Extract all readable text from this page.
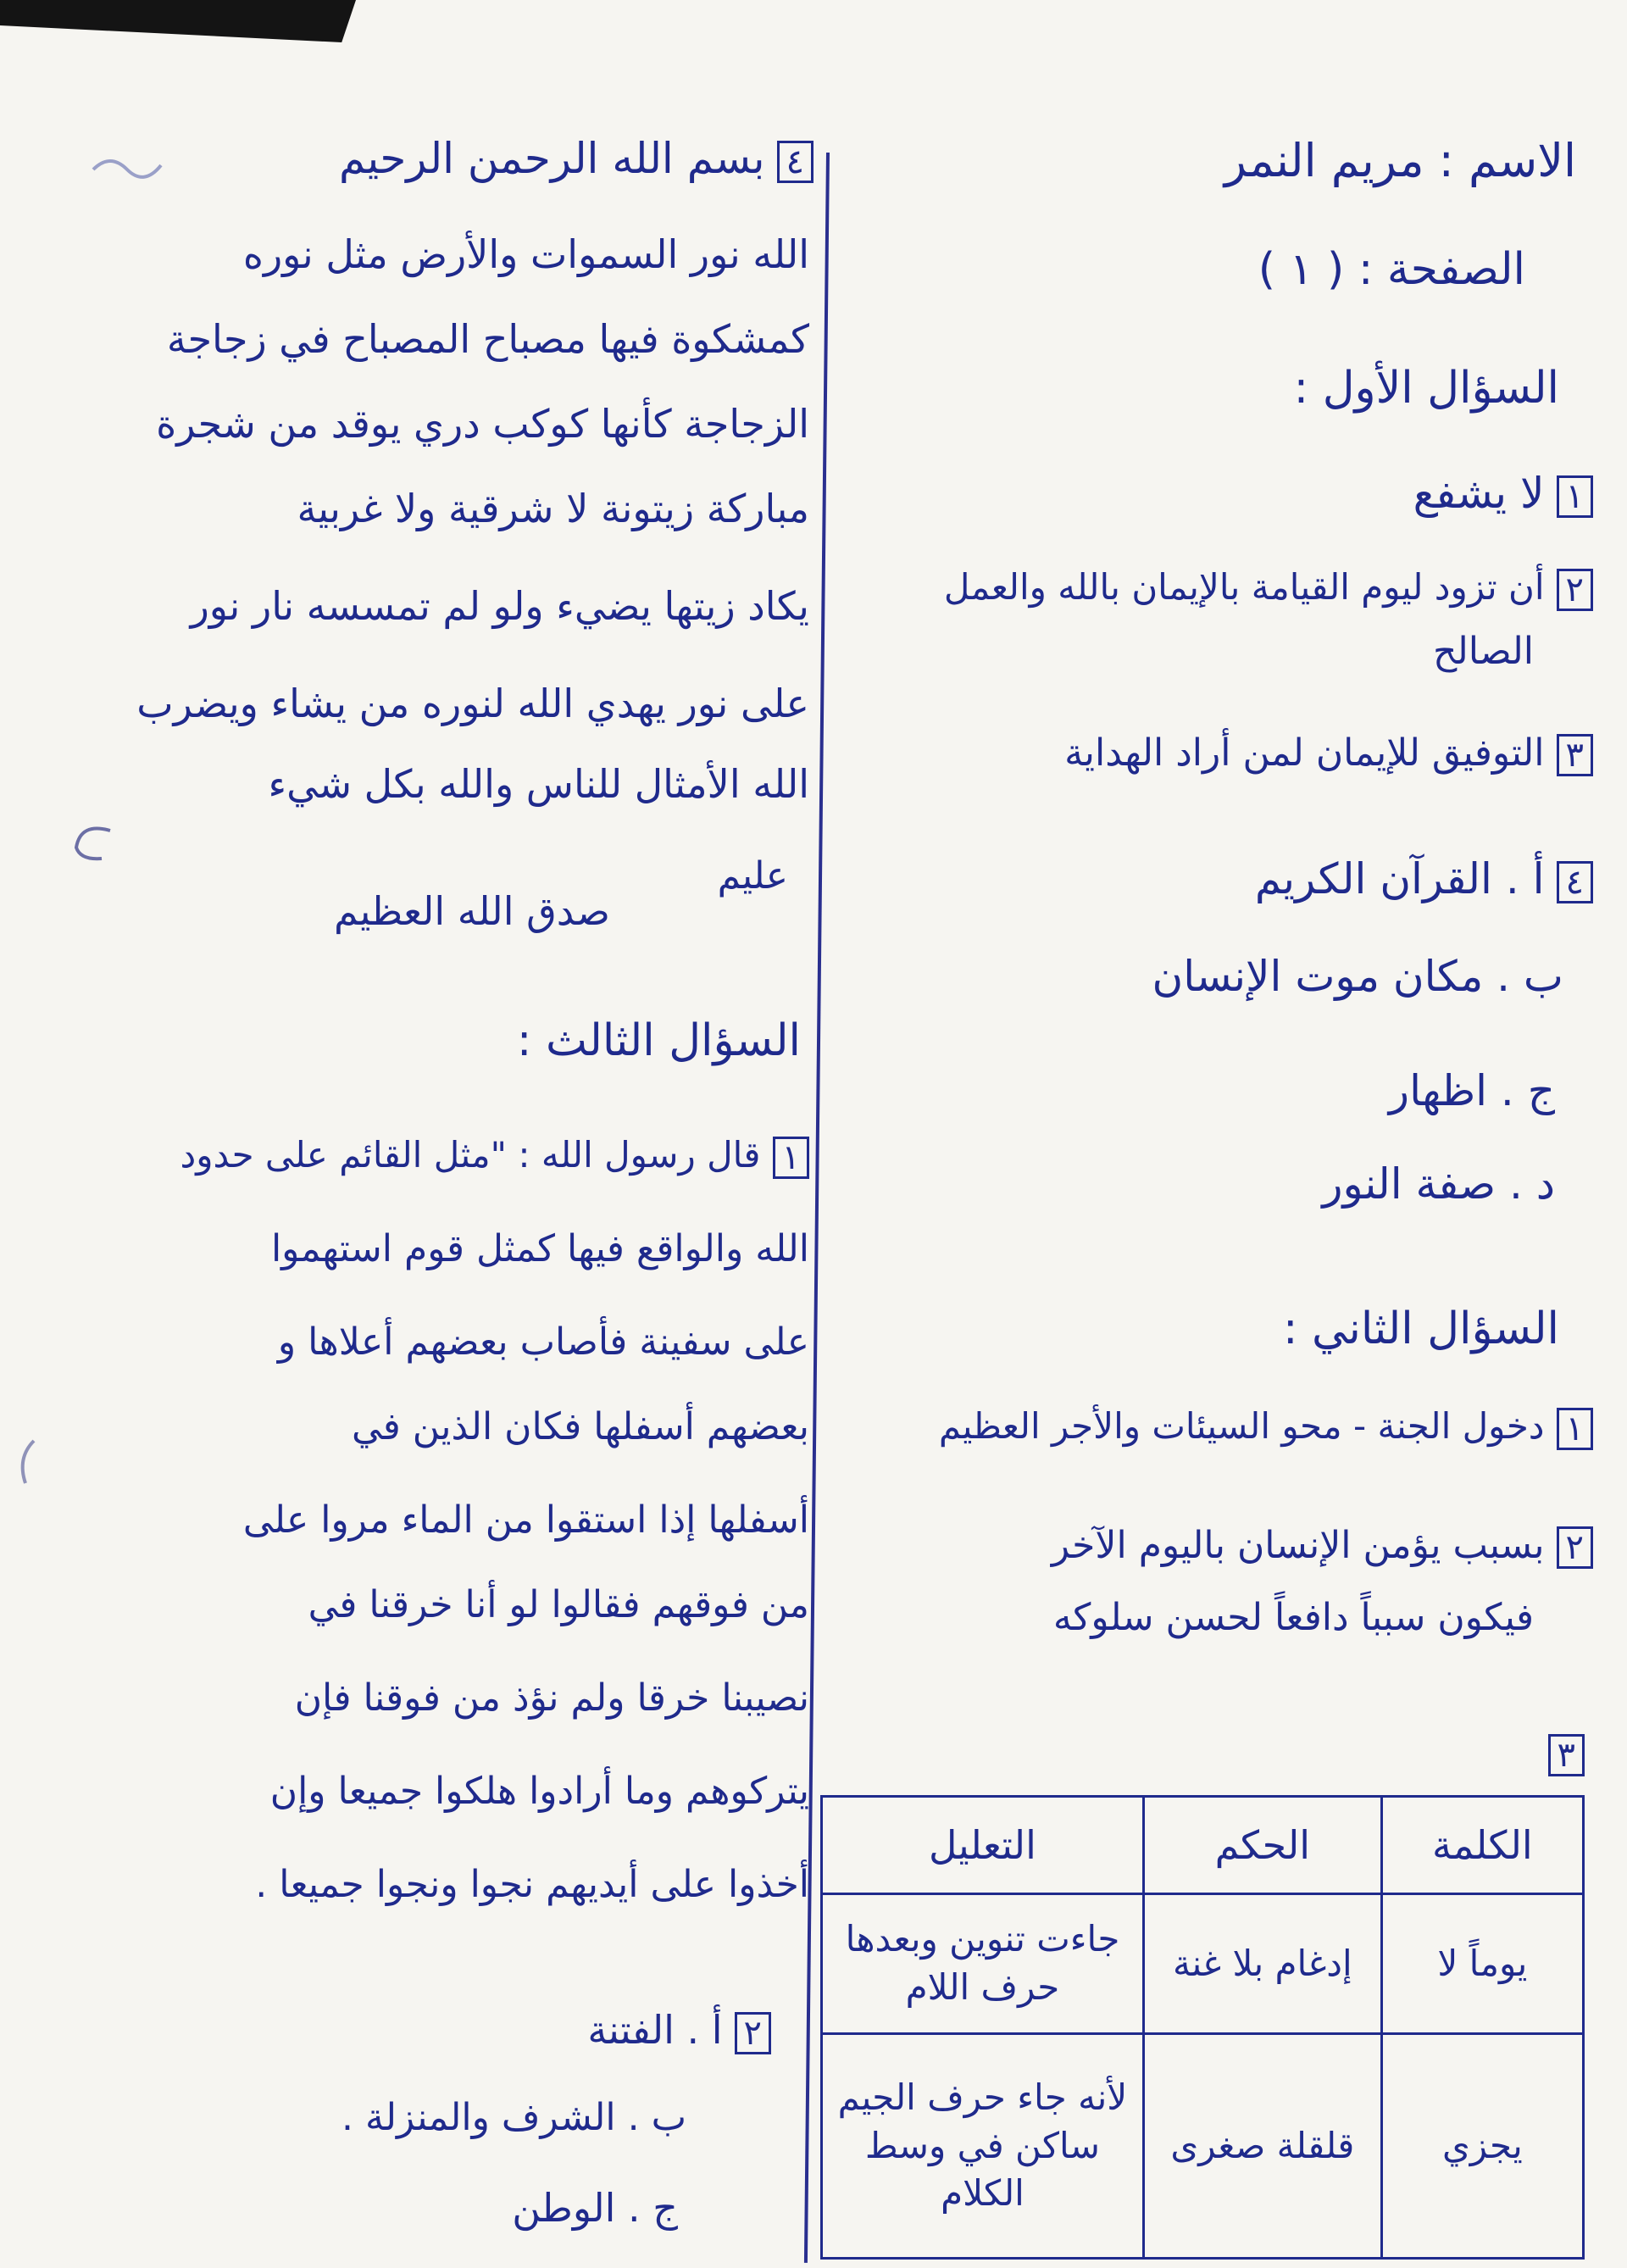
الاسم : مريم النمر
الصفحة : ( ١ )
السؤال الأول :
١لا يشفع
٢أن تزود ليوم القيامة بالإيمان بالله والعمل
الصالح
٣التوفيق للإيمان لمن أراد الهداية
٤أ . القرآن الكريم
ب . مكان موت الإنسان
ج . اظهار
د . صفة النور
السؤال الثاني :
١دخول الجنة - محو السيئات والأجر العظيم
٢بسبب يؤمن الإنسان باليوم الآخر
فيكون سبباً دافعاً لحسن سلوكه
٣
الكلمة	الحكم	التعليل
يوماً لا	إدغام بلا غنة	جاءت تنوين وبعدها حرف اللام
يجزي	قلقلة صغرى	لأنه جاء حرف الجيم ساكن في وسط الكلام
٤بسم الله الرحمن الرحيم
الله نور السموات والأرض مثل نوره
كمشكوة فيها مصباح المصباح في زجاجة
الزجاجة كأنها كوكب دري يوقد من شجرة
مباركة زيتونة لا شرقية ولا غربية
يكاد زيتها يضيء ولو لم تمسسه نار نور
على نور يهدي الله لنوره من يشاء ويضرب
الله الأمثال للناس والله بكل شيء
عليم
صدق الله العظيم
السؤال الثالث :
١قال رسول الله : "مثل القائم على حدود
الله والواقع فيها كمثل قوم استهموا
على سفينة فأصاب بعضهم أعلاها و
بعضهم أسفلها فكان الذين في
أسفلها إذا استقوا من الماء مروا على
من فوقهم فقالوا لو أنا خرقنا في
نصيبنا خرقا ولم نؤذ من فوقنا فإن
يتركوهم وما أرادوا هلكوا جميعا وإن
أخذوا على أيديهم نجوا ونجوا جميعا .
٢أ . الفتنة
ب . الشرف والمنزلة .
ج . الوطن
